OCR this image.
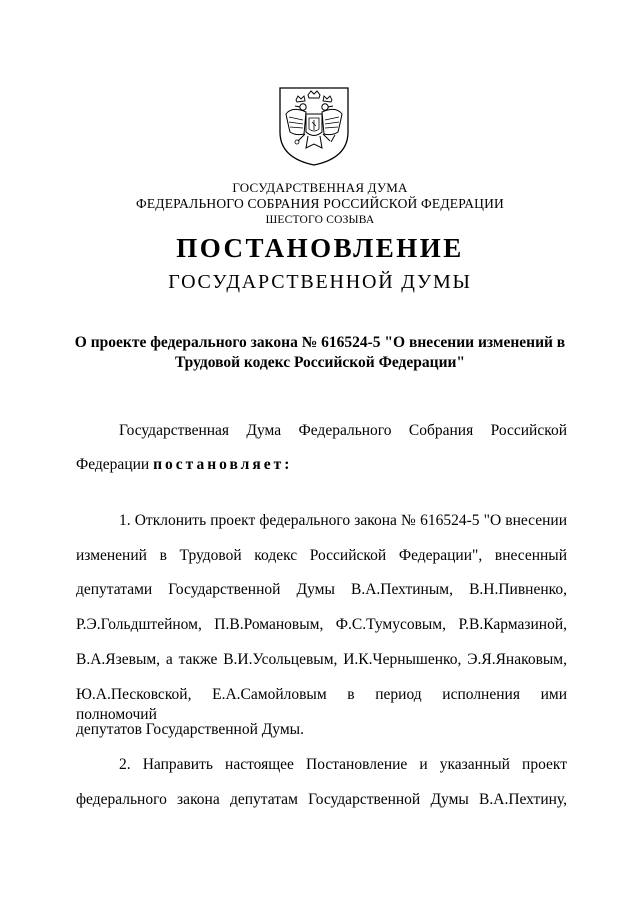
ГОСУДАРСТВЕННАЯ ДУМА
ФЕДЕРАЛЬНОГО СОБРАНИЯ РОССИЙСКОЙ ФЕДЕРАЦИИ
ШЕСТОГО СОЗЫВА
ПОСТАНОВЛЕНИЕ
ГОСУДАРСТВЕННОЙ ДУМЫ
О проекте федерального закона № 616524-5 "О внесении изменений в
Трудовой кодекс Российской Федерации"
Государственная Дума Федерального Собрания Российской
Федерации постановляет:
1. Отклонить проект федерального закона № 616524-5 "О внесении
изменений в Трудовой кодекс Российской Федерации", внесенный
депутатами Государственной Думы В.А.Пехтиным, В.Н.Пивненко,
Р.Э.Гольдштейном, П.В.Романовым, Ф.С.Тумусовым, Р.В.Кармазиной,
В.А.Язевым, а также В.И.Усольцевым, И.К.Чернышенко, Э.Я.Янаковым,
Ю.А.Песковской, Е.А.Самойловым в период исполнения ими полномочий
депутатов Государственной Думы.
2. Направить настоящее Постановление и указанный проект
федерального закона депутатам Государственной Думы В.А.Пехтину,
